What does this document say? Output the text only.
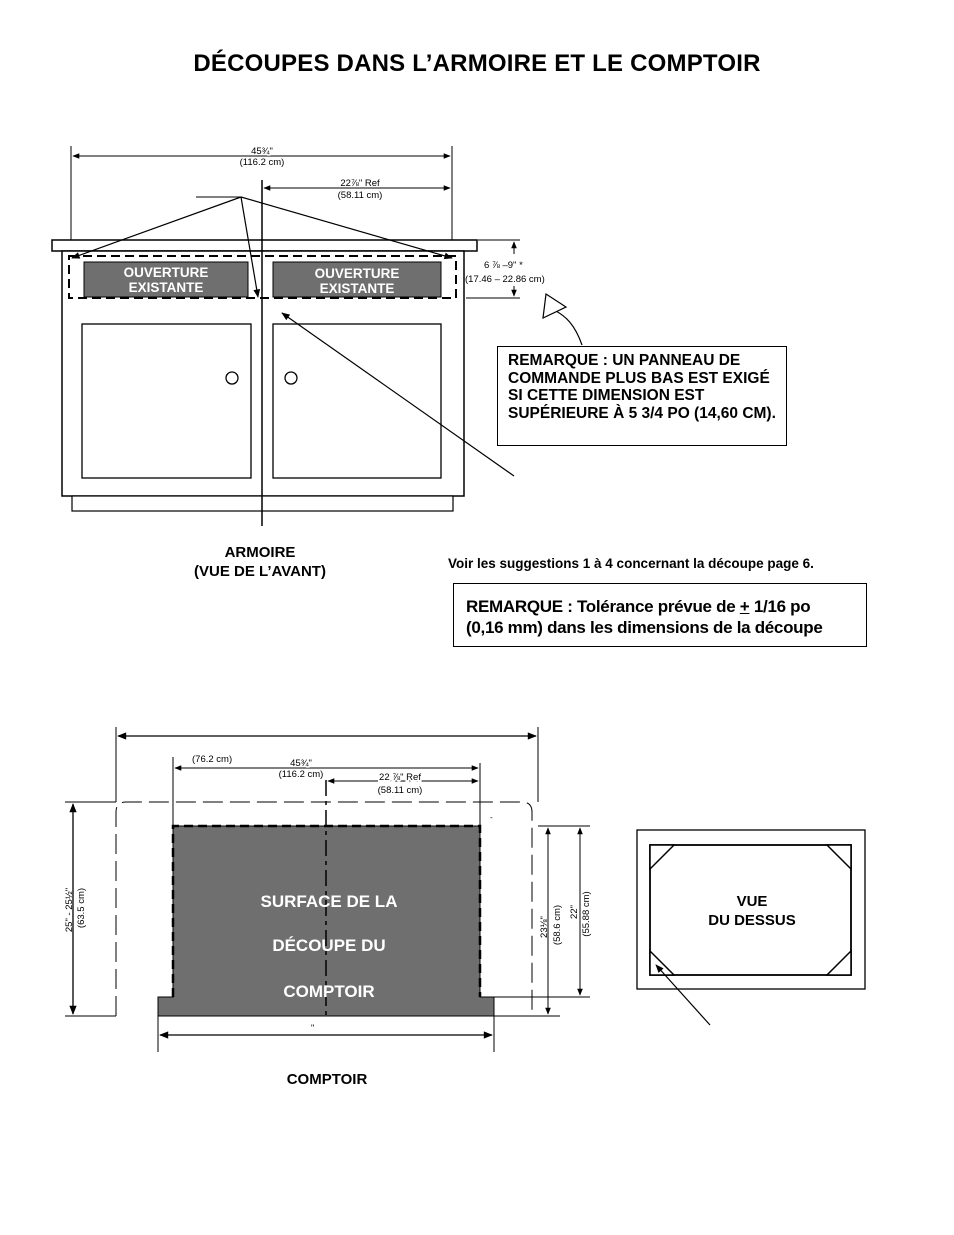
DÉCOUPES DANS L’ARMOIRE ET LE COMPTOIR
OUVERTURE
EXISTANTE
OUVERTURE
EXISTANTE
45¾"
(116.2 cm)
22⅞" Ref
(58.11 cm)
6 ⅞ –9" *
(17.46 – 22.86 cm)
SURFACE DE LA
DÉCOUPE DU
COMPTOIR
(76.2 cm)	45¾"
(116.2 cm)	22 ⅞" Ref
(58.11 cm)
25" - 25½" (63.5 cm)	23⅛" (58.6 cm) 22" (55.88 cm)
-
"
VUE
DU DESSUS
REMARQUE : UN PANNEAU DE COMMANDE PLUS BAS EST EXIGÉ SI CETTE DIMENSION EST SUPÉRIEURE À 5 3/4 PO (14,60 CM).
Voir les suggestions 1 à 4 concernant la découpe page 6.
REMARQUE : Tolérance prévue de + 1/16 po
(0,16 mm) dans les dimensions de la découpe
ARMOIRE
(VUE DE L’AVANT)
COMPTOIR
